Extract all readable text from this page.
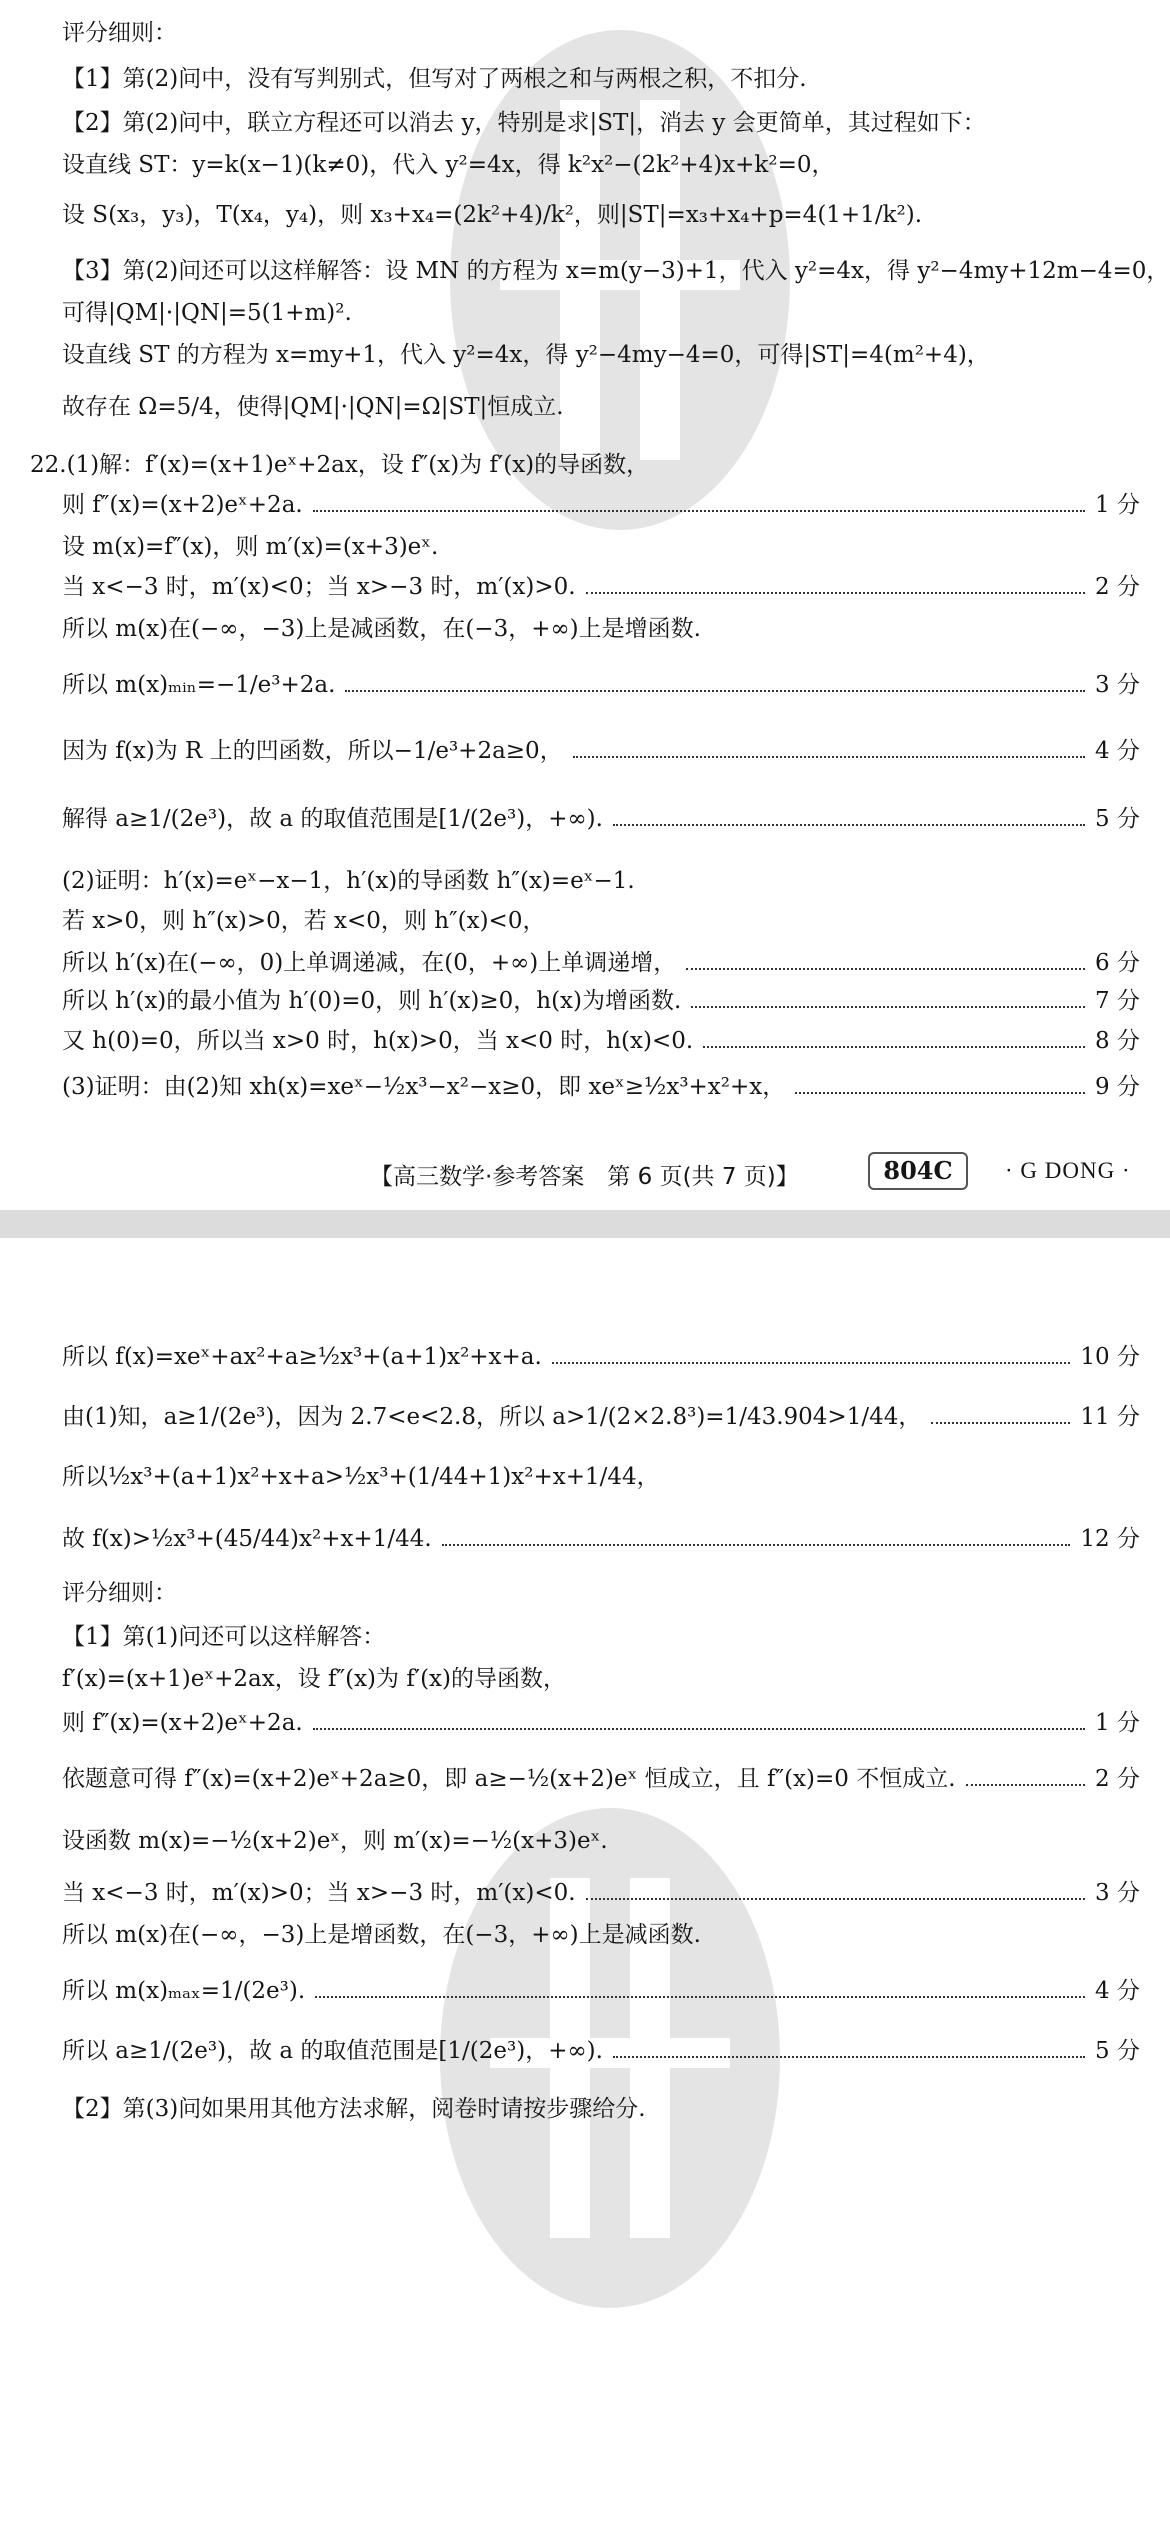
评分细则：
【1】第(2)问中，没有写判别式，但写对了两根之和与两根之积，不扣分.
【2】第(2)问中，联立方程还可以消去 y，特别是求|ST|，消去 y 会更简单，其过程如下：
设直线 ST：y=k(x−1)(k≠0)，代入 y²=4x，得 k²x²−(2k²+4)x+k²=0，
设 S(x₃，y₃)，T(x₄，y₄)，则 x₃+x₄=(2k²+4)/k²，则|ST|=x₃+x₄+p=4(1+1/k²).
【3】第(2)问还可以这样解答：设 MN 的方程为 x=m(y−3)+1，代入 y²=4x，得 y²−4my+12m−4=0，
可得|QM|·|QN|=5(1+m)².
设直线 ST 的方程为 x=my+1，代入 y²=4x，得 y²−4my−4=0，可得|ST|=4(m²+4)，
故存在 Ω=5/4，使得|QM|·|QN|=Ω|ST|恒成立.
22.(1)解：f′(x)=(x+1)eˣ+2ax，设 f″(x)为 f′(x)的导函数，
则 f″(x)=(x+2)eˣ+2a.	1 分
设 m(x)=f″(x)，则 m′(x)=(x+3)eˣ.
当 x<−3 时，m′(x)<0；当 x>−3 时，m′(x)>0.	2 分
所以 m(x)在(−∞，−3)上是减函数，在(−3，+∞)上是增函数.
所以 m(x)ₘᵢₙ=−1/e³+2a.	3 分
因为 f(x)为 R 上的凹函数，所以−1/e³+2a≥0，	4 分
解得 a≥1/(2e³)，故 a 的取值范围是[1/(2e³)，+∞).	5 分
(2)证明：h′(x)=eˣ−x−1，h′(x)的导函数 h″(x)=eˣ−1.
若 x>0，则 h″(x)>0，若 x<0，则 h″(x)<0，
所以 h′(x)在(−∞，0)上单调递减，在(0，+∞)上单调递增，	6 分
所以 h′(x)的最小值为 h′(0)=0，则 h′(x)≥0，h(x)为增函数.	7 分
又 h(0)=0，所以当 x>0 时，h(x)>0，当 x<0 时，h(x)<0.	8 分
(3)证明：由(2)知 xh(x)=xeˣ−½x³−x²−x≥0，即 xeˣ≥½x³+x²+x，	9 分
【高三数学·参考答案　第 6 页(共 7 页)】	804C	· G DONG ·
所以 f(x)=xeˣ+ax²+a≥½x³+(a+1)x²+x+a.	10 分
由(1)知，a≥1/(2e³)，因为 2.7<e<2.8，所以 a>1/(2×2.8³)=1/43.904>1/44，	11 分
所以½x³+(a+1)x²+x+a>½x³+(1/44+1)x²+x+1/44，
故 f(x)>½x³+(45/44)x²+x+1/44.	12 分
评分细则：
【1】第(1)问还可以这样解答：
f′(x)=(x+1)eˣ+2ax，设 f″(x)为 f′(x)的导函数，
则 f″(x)=(x+2)eˣ+2a.	1 分
依题意可得 f″(x)=(x+2)eˣ+2a≥0，即 a≥−½(x+2)eˣ 恒成立，且 f″(x)=0 不恒成立.	2 分
设函数 m(x)=−½(x+2)eˣ，则 m′(x)=−½(x+3)eˣ.
当 x<−3 时，m′(x)>0；当 x>−3 时，m′(x)<0.	3 分
所以 m(x)在(−∞，−3)上是增函数，在(−3，+∞)上是减函数.
所以 m(x)ₘₐₓ=1/(2e³).	4 分
所以 a≥1/(2e³)，故 a 的取值范围是[1/(2e³)，+∞).	5 分
【2】第(3)问如果用其他方法求解，阅卷时请按步骤给分.
